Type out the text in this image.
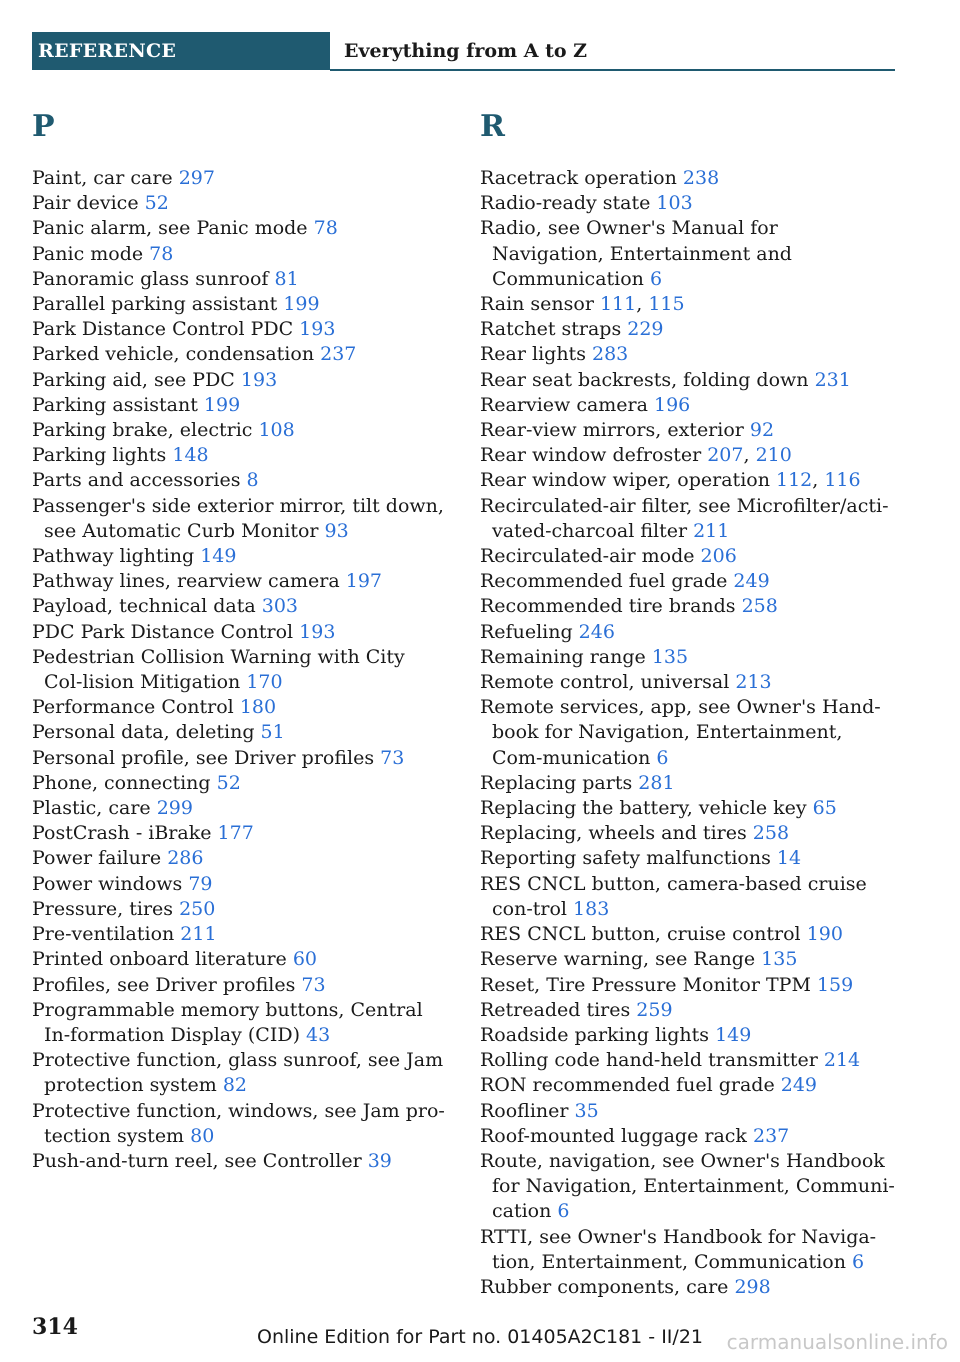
REFERENCE	Everything from A to Z
P
Paint, car care 297
Pair device 52
Panic alarm, see Panic mode 78
Panic mode 78
Panoramic glass sunroof 81
Parallel parking assistant 199
Park Distance Control PDC 193
Parked vehicle, condensation 237
Parking aid, see PDC 193
Parking assistant 199
Parking brake, electric 108
Parking lights 148
Parts and accessories 8
Passenger's side exterior mirror, tilt down, see Automatic Curb Monitor 93
Pathway lighting 149
Pathway lines, rearview camera 197
Payload, technical data 303
PDC Park Distance Control 193
Pedestrian Collision Warning with City Col-lision Mitigation 170
Performance Control 180
Personal data, deleting 51
Personal profile, see Driver profiles 73
Phone, connecting 52
Plastic, care 299
PostCrash - iBrake 177
Power failure 286
Power windows 79
Pressure, tires 250
Pre-ventilation 211
Printed onboard literature 60
Profiles, see Driver profiles 73
Programmable memory buttons, Central In-formation Display (CID) 43
Protective function, glass sunroof, see Jam protection system 82
Protective function, windows, see Jam pro-tection system 80
Push-and-turn reel, see Controller 39
R
Racetrack operation 238
Radio-ready state 103
Radio, see Owner's Manual for Navigation, Entertainment and Communication 6
Rain sensor 111, 115
Ratchet straps 229
Rear lights 283
Rear seat backrests, folding down 231
Rearview camera 196
Rear-view mirrors, exterior 92
Rear window defroster 207, 210
Rear window wiper, operation 112, 116
Recirculated-air filter, see Microfilter/acti-vated-charcoal filter 211
Recirculated-air mode 206
Recommended fuel grade 249
Recommended tire brands 258
Refueling 246
Remaining range 135
Remote control, universal 213
Remote services, app, see Owner's Hand-book for Navigation, Entertainment, Com-munication 6
Replacing parts 281
Replacing the battery, vehicle key 65
Replacing, wheels and tires 258
Reporting safety malfunctions 14
RES CNCL button, camera-based cruise con-trol 183
RES CNCL button, cruise control 190
Reserve warning, see Range 135
Reset, Tire Pressure Monitor TPM 159
Retreaded tires 259
Roadside parking lights 149
Rolling code hand-held transmitter 214
RON recommended fuel grade 249
Roofliner 35
Roof-mounted luggage rack 237
Route, navigation, see Owner's Handbook for Navigation, Entertainment, Communi-cation 6
RTTI, see Owner's Handbook for Naviga-tion, Entertainment, Communication 6
Rubber components, care 298
314	Online Edition for Part no. 01405A2C181 - II/21	carmanualsonline.info
